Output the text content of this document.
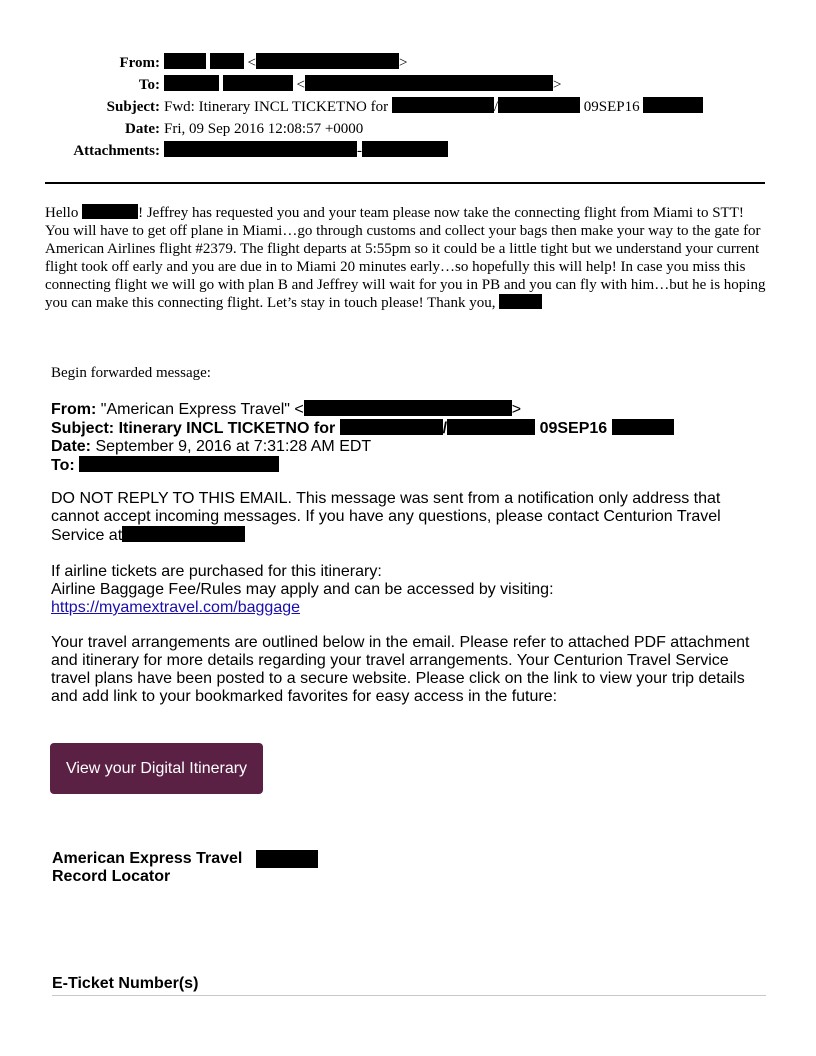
From:	<	>
To:	<	>
Subject: Fwd: Itinerary INCL TICKETNO for	/	09SEP16
Date: Fri, 09 Sep 2016 12:08:57 +0000
Attachments:	-
Hello	! Jeffrey has requested you and your team please now take the connecting flight from Miami to STT! You will have to get off plane in Miami…go through customs and collect your bags then make your way to the gate for American Airlines flight #2379. The flight departs at 5:55pm so it could be a little tight but we understand your current flight took off early and you are due in to Miami 20 minutes early…so hopefully this will help! In case you miss this connecting flight we will go with plan B and Jeffrey will wait for you in PB and you can fly with him…but he is hoping you can make this connecting flight. Let’s stay in touch please! Thank you,
Begin forwarded message:
From: "American Express Travel" <	>
Subject: Itinerary INCL TICKETNO for	/	09SEP16
Date: September 9, 2016 at 7:31:28 AM EDT
To:
DO NOT REPLY TO THIS EMAIL. This message was sent from a notification only address that cannot accept incoming messages. If you have any questions, please contact Centurion Travel Service at
If airline tickets are purchased for this itinerary:
Airline Baggage Fee/Rules may apply and can be accessed by visiting:
https://myamextravel.com/baggage
Your travel arrangements are outlined below in the email. Please refer to attached PDF attachment and itinerary for more details regarding your travel arrangements. Your Centurion Travel Service travel plans have been posted to a secure website. Please click on the link to view your trip details and add link to your bookmarked favorites for easy access in the future:
View your Digital Itinerary
American Express Travel
Record Locator
E-Ticket Number(s)
